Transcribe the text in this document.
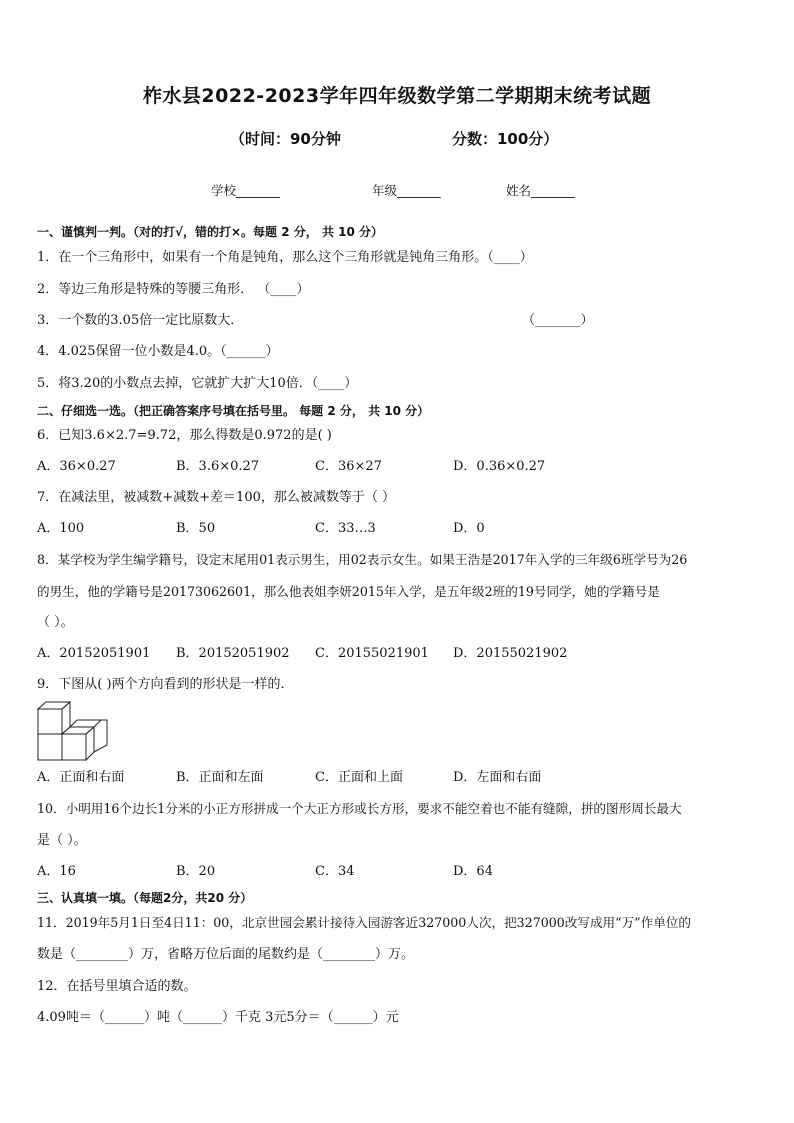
柞水县2022-2023学年四年级数学第二学期期末统考试题
（时间：90分钟	分数：100分）
学校_______	年级_______	姓名_______
一、谨慎判一判。（对的打√，错的打×。每题 2 分， 共 10 分）
1．在一个三角形中，如果有一个角是钝角，那么这个三角形就是钝角三角形。（____）
2．等边三角形是特殊的等腰三角形． （____）
3．一个数的3.05倍一定比原数大．	（_______）
4．4.025保留一位小数是4.0。（______）
5．将3.20的小数点去掉，它就扩大扩大10倍．（____）
二、仔细选一选。（把正确答案序号填在括号里。 每题 2 分， 共 10 分）
6．已知3.6×2.7=9.72，那么得数是0.972的是( )
A．36×0.27	B．3.6×0.27	C．36×27	D．0.36×0.27
7．在减法里，被减数+减数+差＝100，那么被减数等于（ ）
A．100	B．50	C．33…3	D．0
8．某学校为学生编学籍号，设定末尾用01表示男生，用02表示女生。如果王浩是2017年入学的三年级6班学号为26
的男生，他的学籍号是20173062601，那么他表姐李妍2015年入学，是五年级2班的19号同学，她的学籍号是
（ ）。
A．20152051901 B．20152051902 C．20155021901 D．20155021902
9．下图从( )两个方向看到的形状是一样的．
A．正面和右面	B．正面和左面	C．正面和上面	D．左面和右面
10．小明用16个边长1分米的小正方形拼成一个大正方形或长方形，要求不能空着也不能有缝隙，拼的图形周长最大
是（ ）。
A．16	B．20	C．34	D．64
三、认真填一填。（每题2分，共20 分）
11．2019年5月1日至4日11：00，北京世园会累计接待入园游客近327000人次，把327000改写成用“万”作单位的
数是（________）万，省略万位后面的尾数约是（________）万。
12．在括号里填合适的数。
4.09吨＝（______）吨（______）千克 3元5分＝（______）元
